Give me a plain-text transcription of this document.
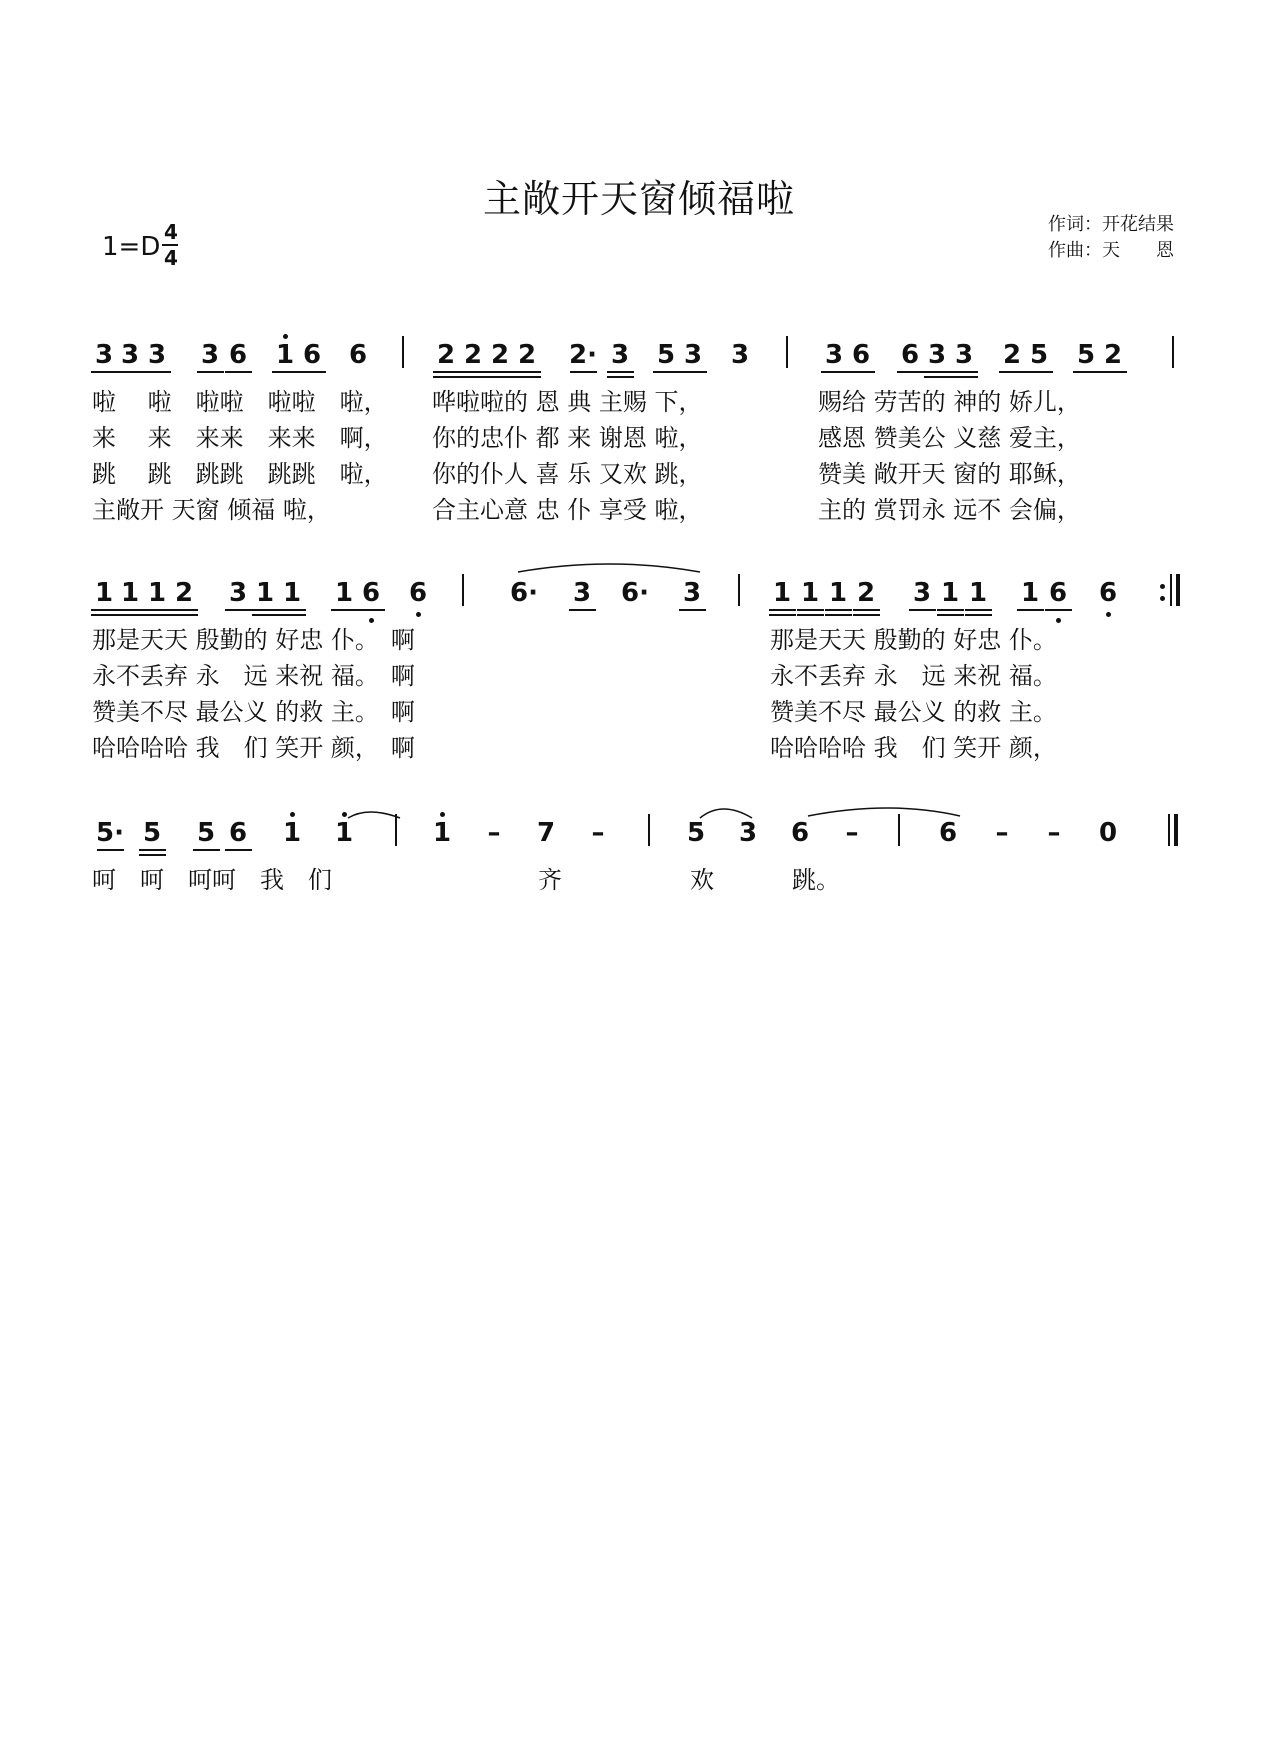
主敞开天窗倾福啦
1=D 4
4
作词：开花结果
作曲：天　　恩
3 3 3 3 6 1 6 6	2 2 2 2 2· 3 5 3 3	3 6 6 3 3 2 5 5 2
啦　 啦　啦啦　啦啦　啦， 哗啦啦的 恩 典 主赐 下，	赐给 劳苦的 神的 娇儿，
来　 来　来来　来来　啊， 你的忠仆 都 来 谢恩 啦，	感恩 赞美公 义慈 爱主，
跳　 跳　跳跳　跳跳　啦， 你的仆人 喜 乐 又欢 跳，	赞美 敞开天 窗的 耶稣，
主敞开 天窗 倾福 啦，	合主心意 忠 仆 享受 啦，	主的 赏罚永 远不 会偏，
1 1 1 2 3 1 1 1 6 6	6· 3 6· 3	1 1 1 2 3 1 1 1 6 6
那是天天 殷勤的 好忠 仆。　啊	那是天天 殷勤的 好忠 仆。
永不丢弃 永　远 来祝 福。　啊	永不丢弃 永　远 来祝 福。
赞美不尽 最公义 的救 主。　啊	赞美不尽 最公义 的救 主。
哈哈哈哈 我　们 笑开 颜，　啊	哈哈哈哈 我　们 笑开 颜，
5· 5 5 6 1 1	1 – 7 –	5 3 6 –	6 – – 0
呵　呵　呵呵　我　们	齐	欢	跳。
